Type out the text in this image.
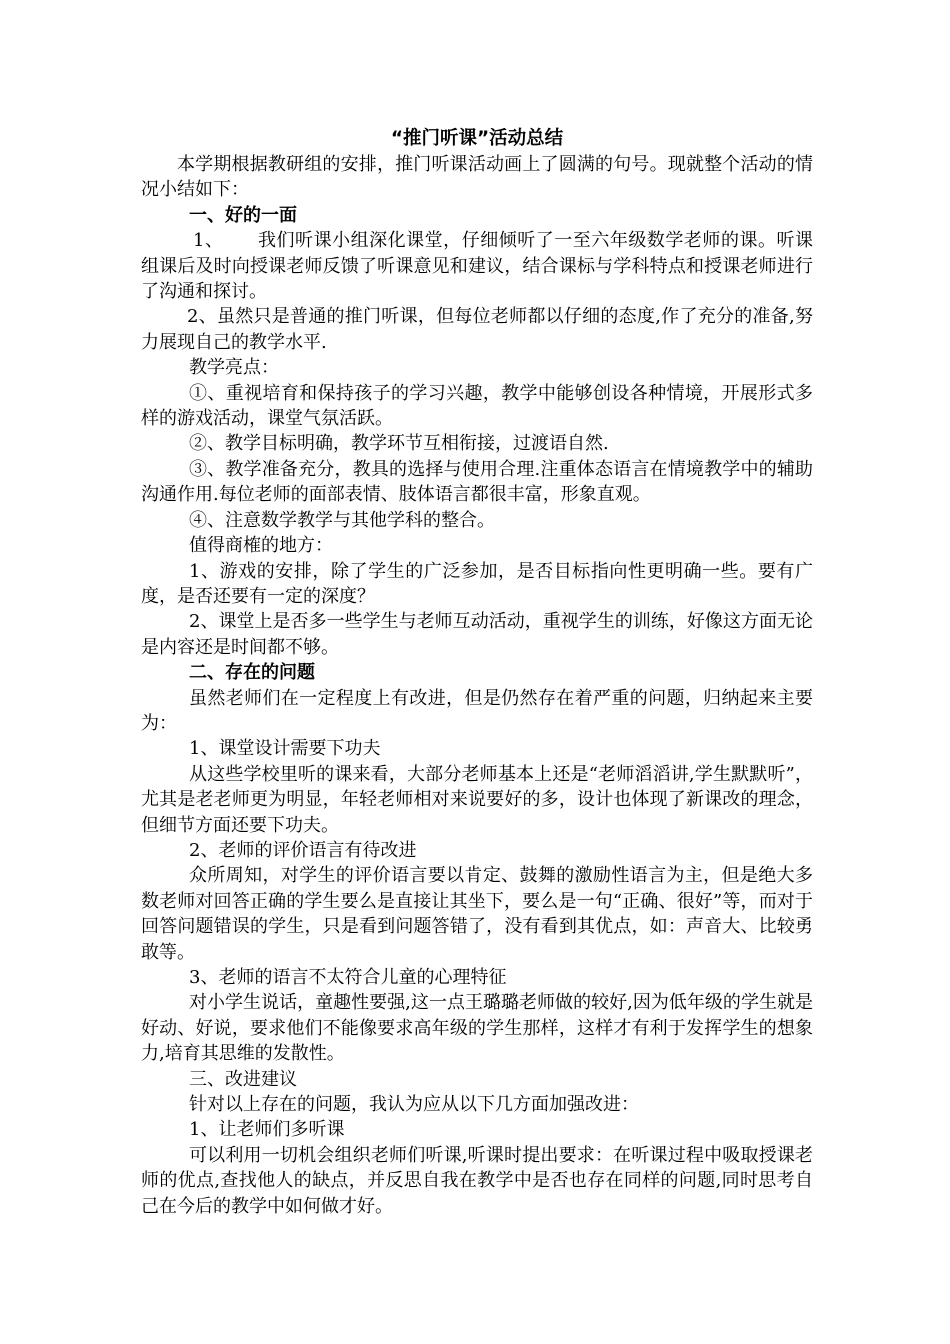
“推门听课”活动总结

本学期根据教研组的安排，推门听课活动画上了圆满的句号。现就整个活动的情况小结如下：

一、好的一面

1、 我们听课小组深化课堂，仔细倾听了一至六年级数学老师的课。听课组课后及时向授课老师反馈了听课意见和建议，结合课标与学科特点和授课老师进行了沟通和探讨。

2、虽然只是普通的推门听课，但每位老师都以仔细的态度,作了充分的准备,努力展现自己的教学水平.

教学亮点：

①、重视培育和保持孩子的学习兴趣，教学中能够创设各种情境，开展形式多样的游戏活动，课堂气氛活跃。

②、教学目标明确，教学环节互相衔接，过渡语自然.

③、教学准备充分，教具的选择与使用合理.注重体态语言在情境教学中的辅助沟通作用.每位老师的面部表情、肢体语言都很丰富，形象直观。

④、注意数学教学与其他学科的整合。

值得商榷的地方：

1、游戏的安排，除了学生的广泛参加，是否目标指向性更明确一些。要有广度，是否还要有一定的深度？

2、课堂上是否多一些学生与老师互动活动，重视学生的训练，好像这方面无论是内容还是时间都不够。

二、存在的问题

虽然老师们在一定程度上有改进，但是仍然存在着严重的问题，归纳起来主要为：

1、课堂设计需要下功夫

从这些学校里听的课来看，大部分老师基本上还是“老师滔滔讲,学生默默听”，尤其是老老师更为明显，年轻老师相对来说要好的多，设计也体现了新课改的理念，但细节方面还要下功夫。

2、老师的评价语言有待改进

众所周知，对学生的评价语言要以肯定、鼓舞的激励性语言为主，但是绝大多数老师对回答正确的学生要么是直接让其坐下，要么是一句“正确、很好”等，而对于回答问题错误的学生，只是看到问题答错了，没有看到其优点，如：声音大、比较勇敢等。

3、老师的语言不太符合儿童的心理特征

对小学生说话，童趣性要强,这一点王璐璐老师做的较好,因为低年级的学生就是好动、好说，要求他们不能像要求高年级的学生那样，这样才有利于发挥学生的想象力,培育其思维的发散性。

三、改进建议

针对以上存在的问题，我认为应从以下几方面加强改进：

1、让老师们多听课

可以利用一切机会组织老师们听课,听课时提出要求：在听课过程中吸取授课老师的优点,查找他人的缺点，并反思自我在教学中是否也存在同样的问题,同时思考自己在今后的教学中如何做才好。
